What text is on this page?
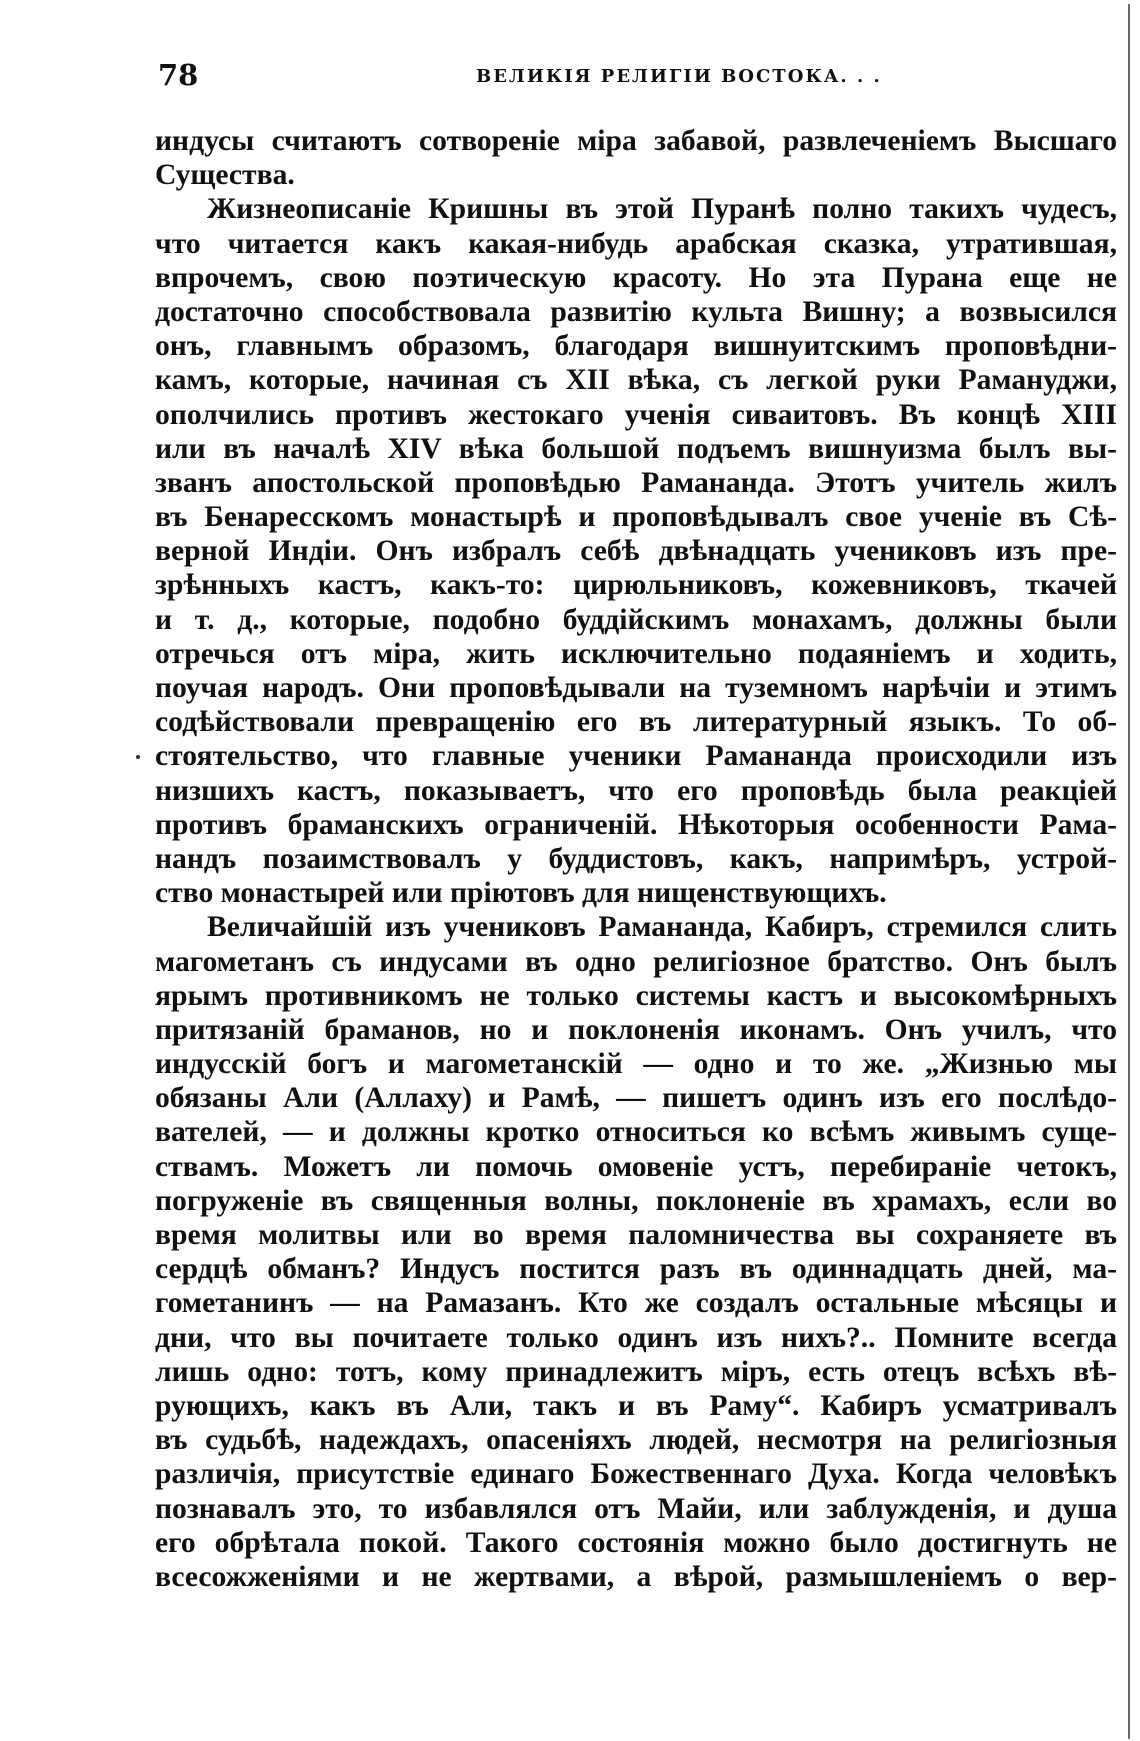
78	ВЕЛИКІЯ РЕЛИГІИ ВОСТОКА. . .
индусы считаютъ сотвореніе міра забавой, развлеченіемъ Высшаго
Существа.
Жизнеописаніе Кришны въ этой Пуранѣ полно такихъ чудесъ,
что читается какъ какая-нибудь арабская сказка, утратившая,
впрочемъ, свою поэтическую красоту. Но эта Пурана еще не
достаточно способствовала развитію культа Вишну; а возвысился
онъ, главнымъ образомъ, благодаря вишнуитскимъ проповѣдни-
камъ, которые, начиная съ XII вѣка, съ легкой руки Рамануджи,
ополчились противъ жестокаго ученія сиваитовъ. Въ концѣ XIII
или въ началѣ XIV вѣка большой подъемъ вишнуизма былъ вы-
званъ апостольской проповѣдью Рамананда. Этотъ учитель жилъ
въ Бенаресскомъ монастырѣ и проповѣдывалъ свое ученіе въ Сѣ-
верной Индіи. Онъ избралъ себѣ двѣнадцать учениковъ изъ пре-
зрѣнныхъ кастъ, какъ-то: цирюльниковъ, кожевниковъ, ткачей
и т. д., которые, подобно буддійскимъ монахамъ, должны были
отречься отъ міра, жить исключительно подаяніемъ и ходить,
поучая народъ. Они проповѣдывали на туземномъ нарѣчіи и этимъ
содѣйствовали превращенію его въ литературный языкъ. То об-
стоятельство, что главные ученики Рамананда происходили изъ
низшихъ кастъ, показываетъ, что его проповѣдь была реакціей
противъ браманскихъ ограниченій. Нѣкоторыя особенности Рама-
нандъ позаимствовалъ у буддистовъ, какъ, напримѣръ, устрой-
ство монастырей или пріютовъ для нищенствующихъ.
Величайшій изъ учениковъ Рамананда, Кабиръ, стремился слить
магометанъ съ индусами въ одно религіозное братство. Онъ былъ
ярымъ противникомъ не только системы кастъ и высокомѣрныхъ
притязаній браманов, но и поклоненія иконамъ. Онъ училъ, что
индусскій богъ и магометанскій — одно и то же. „Жизнью мы
обязаны Али (Аллаху) и Рамѣ, — пишетъ одинъ изъ его послѣдо-
вателей, — и должны кротко относиться ко всѣмъ живымъ суще-
ствамъ. Можетъ ли помочь омовеніе устъ, перебираніе четокъ,
погруженіе въ священныя волны, поклоненіе въ храмахъ, если во
время молитвы или во время паломничества вы сохраняете въ
сердцѣ обманъ? Индусъ постится разъ въ одиннадцать дней, ма-
гометанинъ — на Рамазанъ. Кто же создалъ остальные мѣсяцы и
дни, что вы почитаете только одинъ изъ нихъ?.. Помните всегда
лишь одно: тотъ, кому принадлежитъ міръ, есть отецъ всѣхъ вѣ-
рующихъ, какъ въ Али, такъ и въ Раму“. Кабиръ усматривалъ
въ судьбѣ, надеждахъ, опасеніяхъ людей, несмотря на религіозныя
различія, присутствіе единаго Божественнаго Духа. Когда человѣкъ
познавалъ это, то избавлялся отъ Майи, или заблужденія, и душа
его обрѣтала покой. Такого состоянія можно было достигнуть не
всесожженіями и не жертвами, а вѣрой, размышленіемъ о вер-
